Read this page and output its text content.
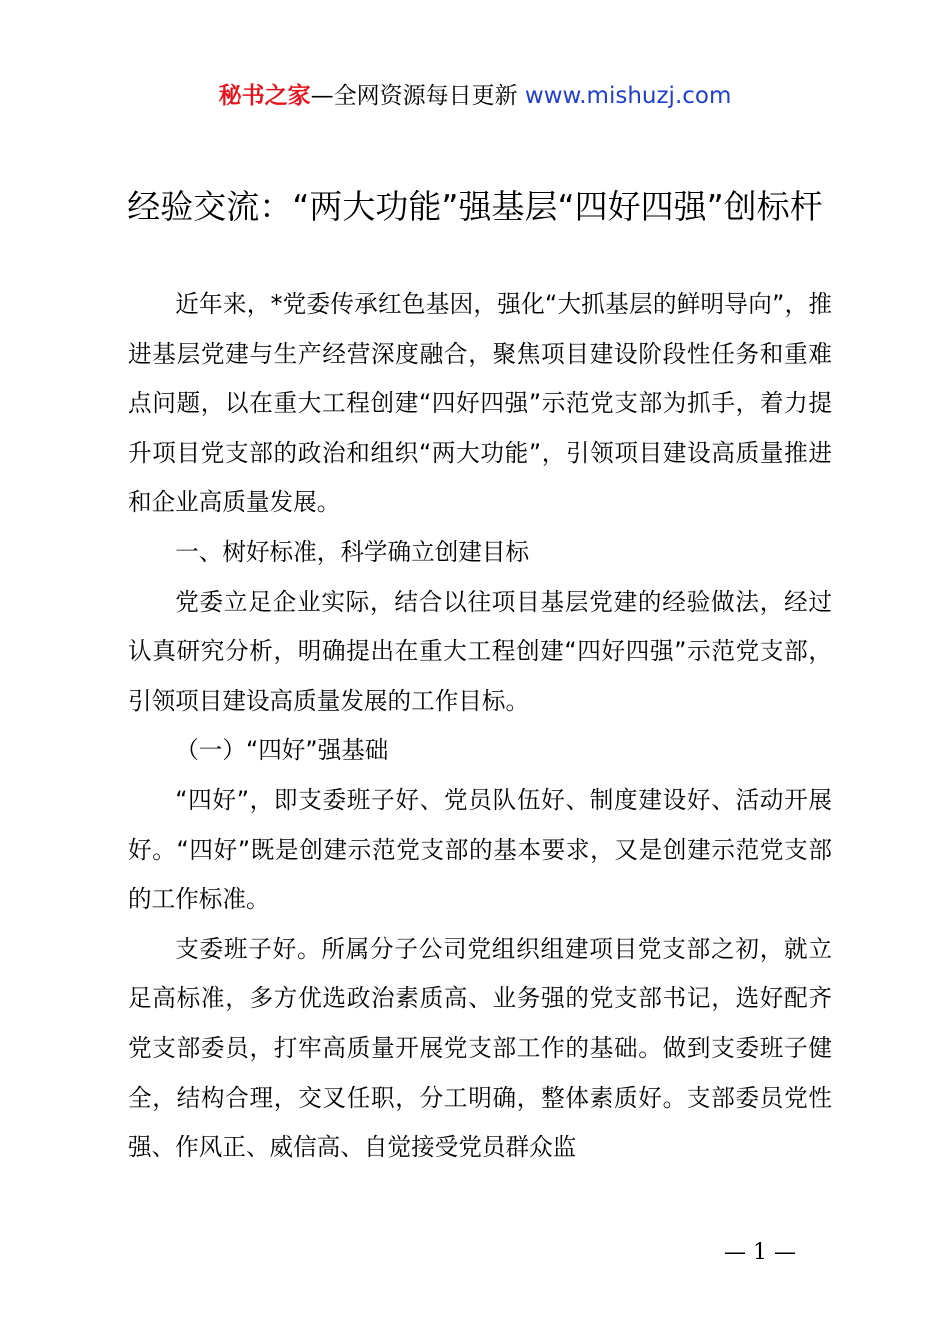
秘书之家—全网资源每日更新 www.mishuzj.com
经验交流：“两大功能”强基层“四好四强”创标杆

近年来，*党委传承红色基因，强化“大抓基层的鲜明导向”，推进基层党建与生产经营深度融合，聚焦项目建设阶段性任务和重难点问题，以在重大工程创建“四好四强”示范党支部为抓手，着力提升项目党支部的政治和组织“两大功能”，引领项目建设高质量推进和企业高质量发展。

一、树好标准，科学确立创建目标

党委立足企业实际，结合以往项目基层党建的经验做法，经过认真研究分析，明确提出在重大工程创建“四好四强”示范党支部，引领项目建设高质量发展的工作目标。

（一）“四好”强基础

“四好”，即支委班子好、党员队伍好、制度建设好、活动开展好。“四好”既是创建示范党支部的基本要求，又是创建示范党支部的工作标准。

支委班子好。所属分子公司党组织组建项目党支部之初，就立足高标准，多方优选政治素质高、业务强的党支部书记，选好配齐党支部委员，打牢高质量开展党支部工作的基础。做到支委班子健全，结构合理，交叉任职，分工明确，整体素质好。支部委员党性强、作风正、威信高、自觉接受党员群众监

— 1 —
